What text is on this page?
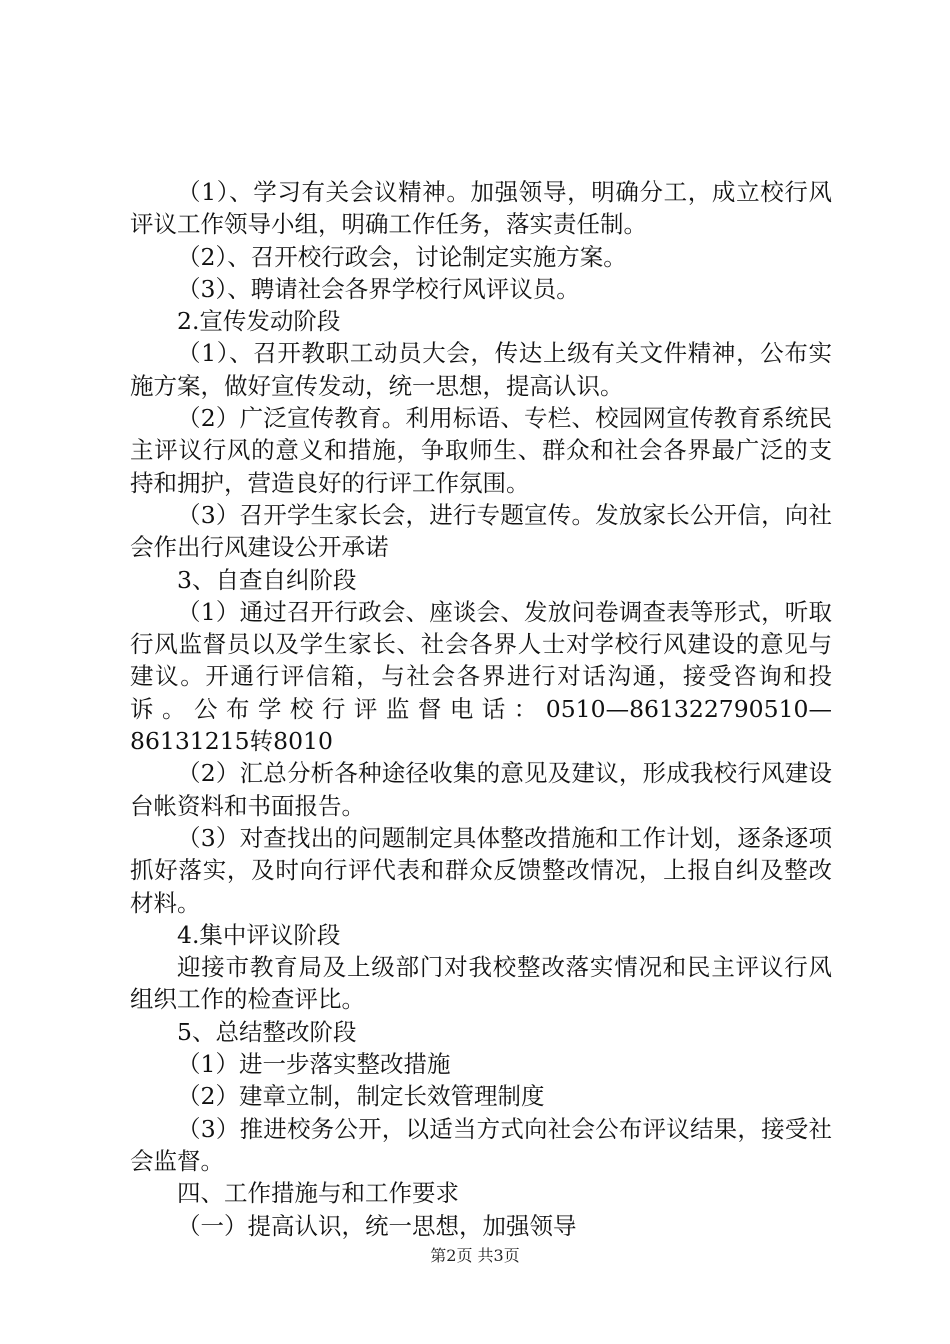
（1）、学习有关会议精神。加强领导，明确分工，成立校行风评议工作领导小组，明确工作任务，落实责任制。

（2）、召开校行政会，讨论制定实施方案。

（3）、聘请社会各界学校行风评议员。

2.宣传发动阶段

（1）、召开教职工动员大会，传达上级有关文件精神，公布实施方案，做好宣传发动，统一思想，提高认识。

（2）广泛宣传教育。利用标语、专栏、校园网宣传教育系统民主评议行风的意义和措施，争取师生、群众和社会各界最广泛的支持和拥护，营造良好的行评工作氛围。

（3）召开学生家长会，进行专题宣传。发放家长公开信，向社会作出行风建设公开承诺

3、自查自纠阶段

（1）通过召开行政会、座谈会、发放问卷调查表等形式，听取行风监督员以及学生家长、社会各界人士对学校行风建设的意见与建议。开通行评信箱，与社会各界进行对话沟通，接受咨询和投诉。公布学校行评监督电话：0510—861322790510—86131215转8010

（2）汇总分析各种途径收集的意见及建议，形成我校行风建设台帐资料和书面报告。

（3）对查找出的问题制定具体整改措施和工作计划，逐条逐项抓好落实，及时向行评代表和群众反馈整改情况，上报自纠及整改材料。

4.集中评议阶段

迎接市教育局及上级部门对我校整改落实情况和民主评议行风组织工作的检查评比。

5、总结整改阶段

（1）进一步落实整改措施

（2）建章立制，制定长效管理制度

（3）推进校务公开，以适当方式向社会公布评议结果，接受社会监督。

四、工作措施与和工作要求

（一）提高认识，统一思想，加强领导

第2页 共3页
